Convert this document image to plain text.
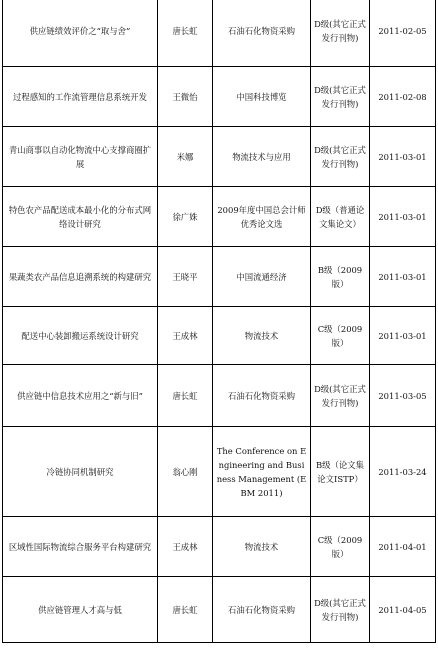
供应链绩效评价之“取与舍”	唐长虹	石油石化物资采购	D级(其它正式发行刊物)	2011-02-05
过程感知的工作流管理信息系统开发	王微怡	中国科技博览	D级(其它正式发行刊物)	2011-02-08
青山商事以自动化物流中心支撑商圈扩展	米娜	物流技术与应用	D级(其它正式发行刊物)	2011-03-01
特色农产品配送成本最小化的分布式网络设计研究	徐广姝	2009年度中国总会计师优秀论文选	D级（普通论文集论文）	2011-03-01
果蔬类农产品信息追溯系统的构建研究	王晓平	中国流通经济	B级（2009版）	2011-03-01
配送中心装卸搬运系统设计研究	王成林	物流技术	C级（2009版）	2011-03-01
供应链中信息技术应用之“新与旧”	唐长虹	石油石化物资采购	D级(其它正式发行刊物)	2011-03-05
冷链协同机制研究	翁心刚	The Conference on Engineering and Business Management (EBM 2011)	B级（论文集论文ISTP）	2011-03-24
区域性国际物流综合服务平台构建研究	王成林	物流技术	C级（2009版）	2011-04-01
供应链管理人才高与低	唐长虹	石油石化物资采购	D级(其它正式发行刊物)	2011-04-05
